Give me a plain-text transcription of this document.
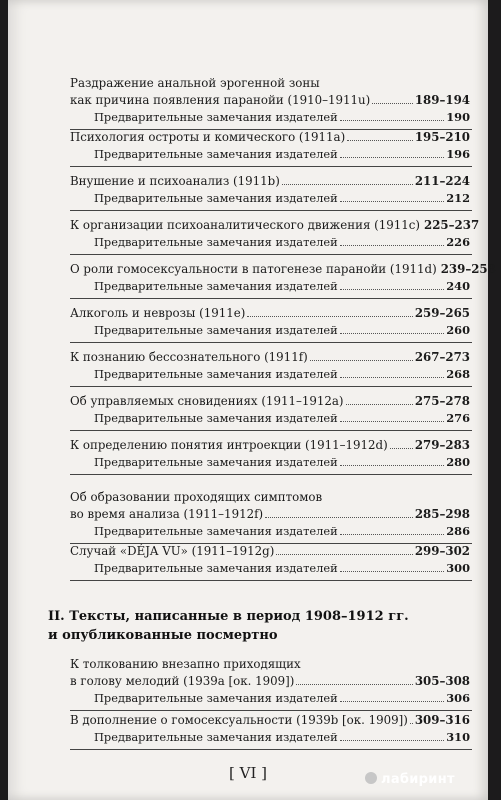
Раздражение анальной эрогенной зоны
как причина появления паранойи (1910–1911u)	189–194
Предварительные замечания издателей	190
Психология остроты и комического (1911a)	195–210
Предварительные замечания издателей	196
Внушение и психоанализ (1911b)	211–224
Предварительные замечания издателей	212
К организации психоаналитического движения (1911c) 225–237
Предварительные замечания издателей	226
О роли гомосексуальности в патогенезе паранойи (1911d) 239–258
Предварительные замечания издателей	240
Алкоголь и неврозы (1911e)	259–265
Предварительные замечания издателей	260
К познанию бессознательного (1911f)	267–273
Предварительные замечания издателей	268
Об управляемых сновидениях (1911–1912a)	275–278
Предварительные замечания издателей	276
К определению понятия интроекции (1911–1912d) 279–283
Предварительные замечания издателей	280
Об образовании проходящих симптомов
во время анализа (1911–1912f)	285–298
Предварительные замечания издателей	286
Случай «DÉJA VU» (1911–1912g)	299–302
Предварительные замечания издателей	300
II. Тексты, написанные в период 1908–1912 гг.
и опубликованные посмертно
К толкованию внезапно приходящих
в голову мелодий (1939a [ок. 1909])	305–308
Предварительные замечания издателей	306
В дополнение о гомосексуальности (1939b [ок. 1909]) 309–316
Предварительные замечания издателей	310
[ VI ]	лабиринт
